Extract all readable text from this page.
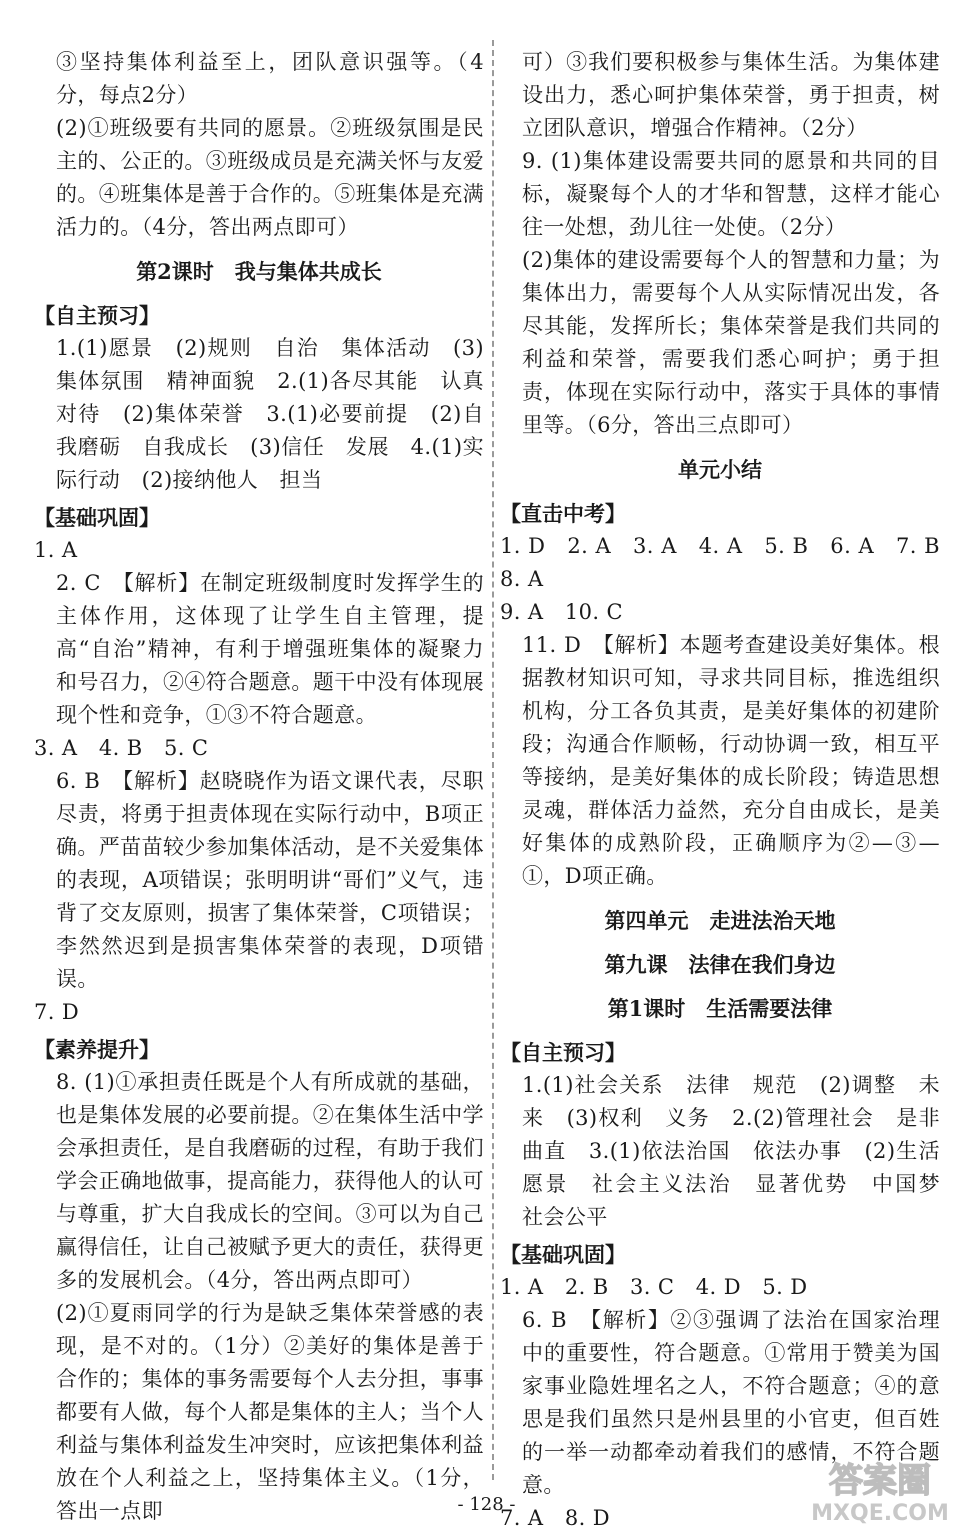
③坚持集体利益至上，团队意识强等。（4分，每点2分）
(2)①班级要有共同的愿景。②班级氛围是民主的、公正的。③班级成员是充满关怀与友爱的。④班集体是善于合作的。⑤班集体是充满活力的。（4分，答出两点即可）
第2课时　我与集体共成长
【自主预习】
1.(1)愿景　(2)规则　自治　集体活动　(3)集体氛围　精神面貌　2.(1)各尽其能　认真对待　(2)集体荣誉　3.(1)必要前提　(2)自我磨砺　自我成长　(3)信任　发展　4.(1)实际行动　(2)接纳他人　担当
【基础巩固】
1. A
2. C　【解析】在制定班级制度时发挥学生的主体作用，这体现了让学生自主管理，提高“自治”精神，有利于增强班集体的凝聚力和号召力，②④符合题意。题干中没有体现展现个性和竞争，①③不符合题意。
3. A　4. B　5. C
6. B　【解析】赵晓晓作为语文课代表，尽职尽责，将勇于担责体现在实际行动中，B项正确。严苗苗较少参加集体活动，是不关爱集体的表现，A项错误；张明明讲“哥们”义气，违背了交友原则，损害了集体荣誉，C项错误；李然然迟到是损害集体荣誉的表现，D项错误。
7. D
【素养提升】
8. (1)①承担责任既是个人有所成就的基础，也是集体发展的必要前提。②在集体生活中学会承担责任，是自我磨砺的过程，有助于我们学会正确地做事，提高能力，获得他人的认可与尊重，扩大自我成长的空间。③可以为自己赢得信任，让自己被赋予更大的责任，获得更多的发展机会。（4分，答出两点即可）
(2)①夏雨同学的行为是缺乏集体荣誉感的表现，是不对的。（1分）②美好的集体是善于合作的；集体的事务需要每个人去分担，事事都要有人做，每个人都是集体的主人；当个人利益与集体利益发生冲突时，应该把集体利益放在个人利益之上，坚持集体主义。（1分，答出一点即
可）③我们要积极参与集体生活。为集体建设出力，悉心呵护集体荣誉，勇于担责，树立团队意识，增强合作精神。（2分）
9. (1)集体建设需要共同的愿景和共同的目标，凝聚每个人的才华和智慧，这样才能心往一处想，劲儿往一处使。（2分）
(2)集体的建设需要每个人的智慧和力量；为集体出力，需要每个人从实际情况出发，各尽其能，发挥所长；集体荣誉是我们共同的利益和荣誉，需要我们悉心呵护；勇于担责，体现在实际行动中，落实于具体的事情里等。（6分，答出三点即可）
单元小结
【直击中考】
1. D　2. A　3. A　4. A　5. B　6. A　7. B　8. A
9. A　10. C
11. D　【解析】本题考查建设美好集体。根据教材知识可知，寻求共同目标，推选组织机构，分工各负其责，是美好集体的初建阶段；沟通合作顺畅，行动协调一致，相互平等接纳，是美好集体的成长阶段；铸造思想灵魂，群体活力益然，充分自由成长，是美好集体的成熟阶段，正确顺序为②—③—①，D项正确。
第四单元　走进法治天地
第九课　法律在我们身边
第1课时　生活需要法律
【自主预习】
1.(1)社会关系　法律　规范　(2)调整　未来　(3)权利　义务　2.(2)管理社会　是非曲直　3.(1)依法治国　依法办事　(2)生活愿景　社会主义法治　显著优势　中国梦　社会公平
【基础巩固】
1. A　2. B　3. C　4. D　5. D
6. B　【解析】②③强调了法治在国家治理中的重要性，符合题意。①常用于赞美为国家事业隐姓埋名之人，不符合题意；④的意思是我们虽然只是州县里的小官吏，但百姓的一举一动都牵动着我们的感情，不符合题意。
7. A　8. D
- 128 -
答案圈
MXQE.COM
